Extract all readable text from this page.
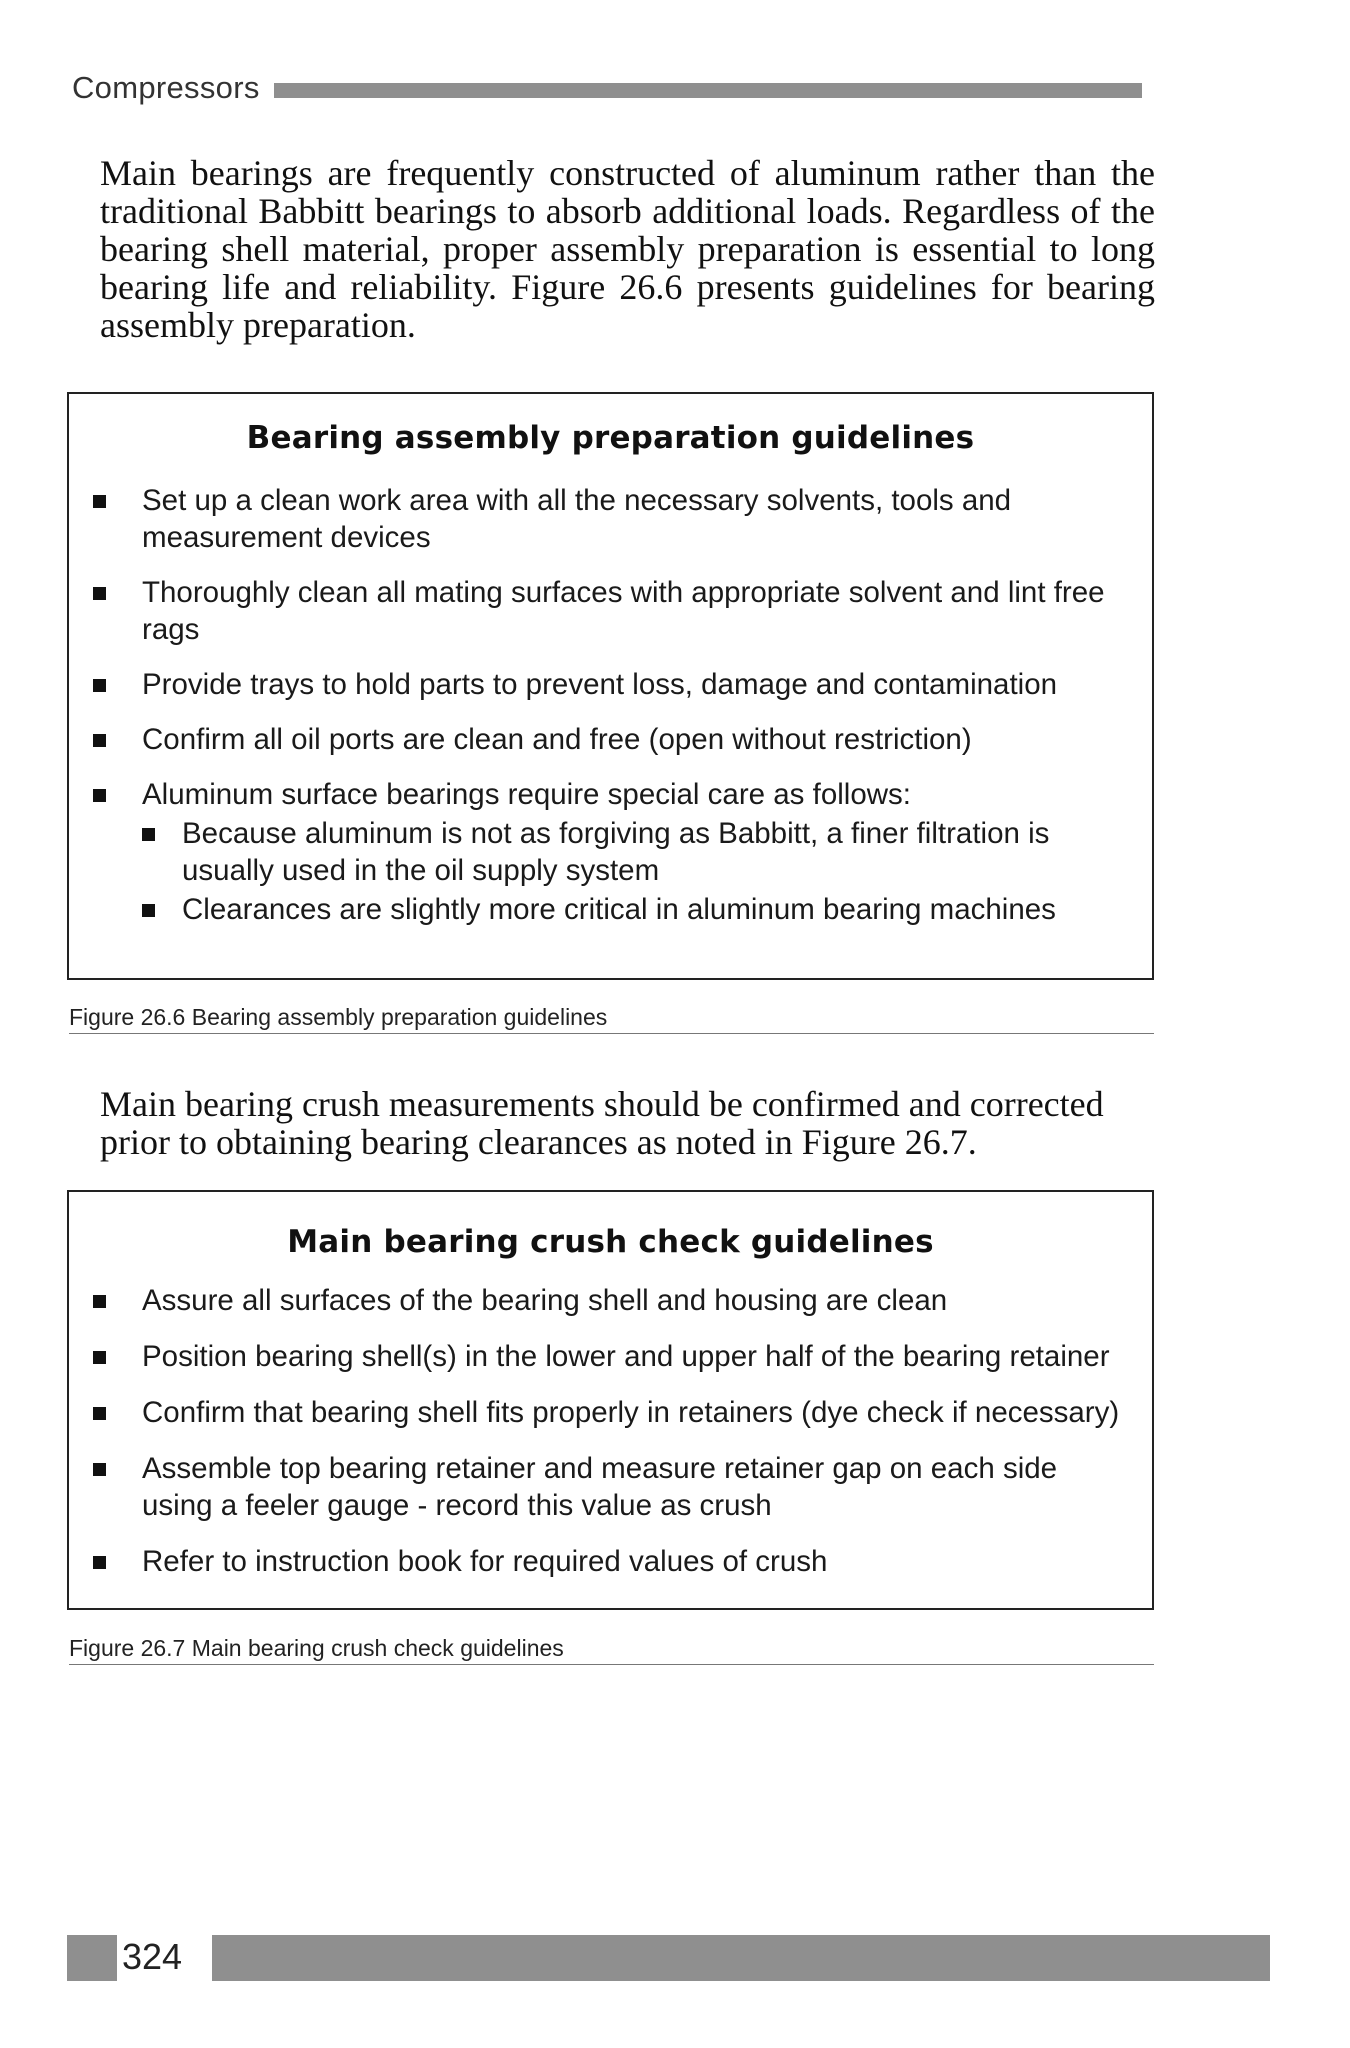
Compressors

Main bearings are frequently constructed of aluminum rather than the traditional Babbitt bearings to absorb additional loads. Regardless of the bearing shell material, proper assembly preparation is essential to long bearing life and reliability. Figure 26.6 presents guidelines for bearing assembly preparation.

Bearing assembly preparation guidelines
Set up a clean work area with all the necessary solvents, tools and measurement devices
Thoroughly clean all mating surfaces with appropriate solvent and lint free rags
Provide trays to hold parts to prevent loss, damage and contamination
Confirm all oil ports are clean and free (open without restriction)
Aluminum surface bearings require special care as follows:
Because aluminum is not as forgiving as Babbitt, a finer filtration is usually used in the oil supply system
Clearances are slightly more critical in aluminum bearing machines
Figure 26.6 Bearing assembly preparation guidelines

Main bearing crush measurements should be confirmed and corrected prior to obtaining bearing clearances as noted in Figure 26.7.

Main bearing crush check guidelines
Assure all surfaces of the bearing shell and housing are clean
Position bearing shell(s) in the lower and upper half of the bearing retainer
Confirm that bearing shell fits properly in retainers (dye check if necessary)
Assemble top bearing retainer and measure retainer gap on each side using a feeler gauge - record this value as crush
Refer to instruction book for required values of crush
Figure 26.7 Main bearing crush check guidelines
324
